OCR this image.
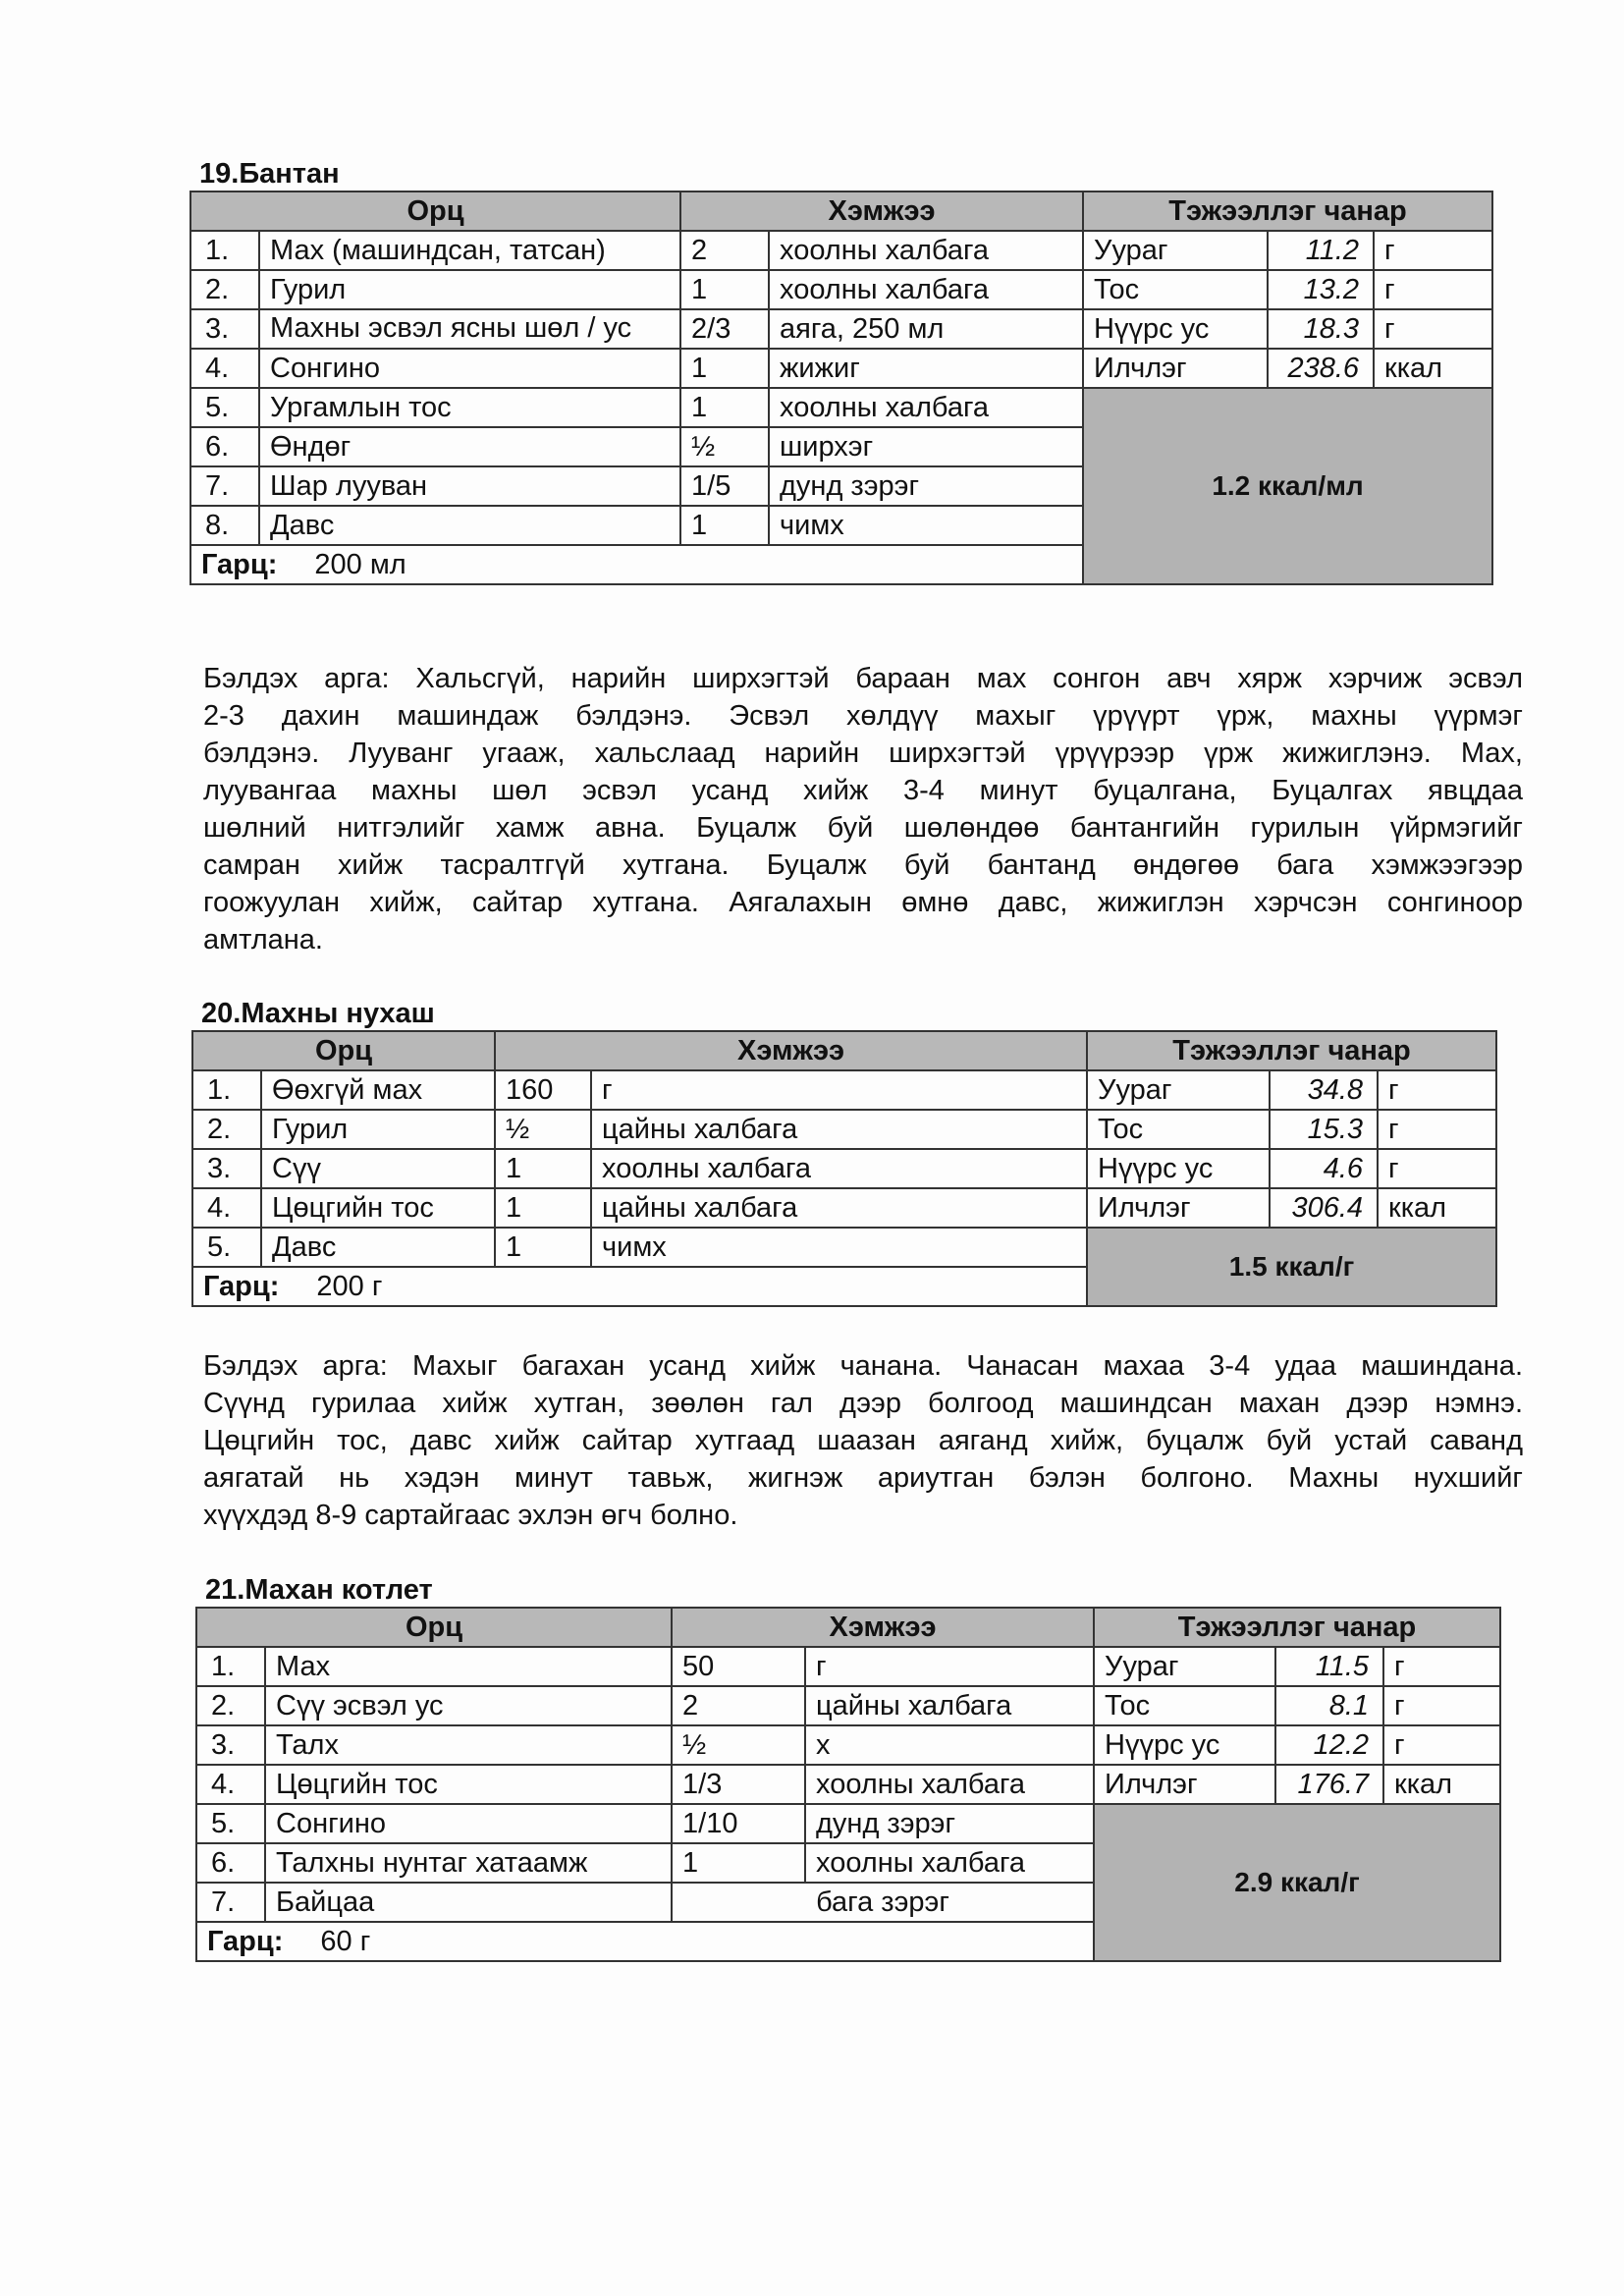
19.Бантан
Орц		Хэмжээ		Тэжээллэг чанар		
1.	Мах (машиндсан, татсан)	2	хоолны халбага	Уураг	11.2	г
2.	Гурил	1	хоолны халбага	Тос	13.2	г
3.	Махны эсвэл ясны шөл / ус	2/3	аяга, 250 мл	Нүүрс ус	18.3	г
4.	Сонгино	1	жижиг	Илчлэг	238.6	ккал
5.	Ургамлын тос	1	хоолны халбага	1.2 ккал/мл		
6.	Өндөг	½	ширхэг			
7.	Шар лууван	1/5	дунд зэрэг			
8.	Давс	1	чимх			
Гарц: 200 мл						
Бэлдэх арга: Хальсгүй, нарийн ширхэгтэй бараан мах сонгон авч хярж хэрчиж эсвэл
2-3 дахин машиндаж бэлдэнэ. Эсвэл хөлдүү махыг үрүүрт үрж, махны үүрмэг
бэлдэнэ. Лууванг угааж, хальслаад нарийн ширхэгтэй үрүүрээр үрж жижиглэнэ. Мах,
луувангаа махны шөл эсвэл усанд хийж 3-4 минут буцалгана, Буцалгах явцдаа
шөлний нитгэлийг хамж авна. Буцалж буй шөлөндөө бантангийн гурилын үйрмэгийг
самран хийж тасралтгүй хутгана. Буцалж буй бантанд өндөгөө бага хэмжээгээр
гоожуулан хийж, сайтар хутгана. Аягалахын өмнө давс, жижиглэн хэрчсэн сонгиноор
амтлана.
20.Махны нухаш
Орц		Хэмжээ		Тэжээллэг чанар		
1.	Өөхгүй мах	160	г	Уураг	34.8	г
2.	Гурил	½	цайны халбага	Тос	15.3	г
3.	Сүү	1	хоолны халбага	Нүүрс ус	4.6	г
4.	Цөцгийн тос	1	цайны халбага	Илчлэг	306.4	ккал
5.	Давс	1	чимх	1.5 ккал/г		
Гарц: 200 г						
Бэлдэх арга: Махыг багахан усанд хийж чанана. Чанасан махаа 3-4 удаа машиндана.
Сүүнд гурилаа хийж хутган, зөөлөн гал дээр болгоод машиндсан махан дээр нэмнэ.
Цөцгийн тос, давс хийж сайтар хутгаад шаазан аяганд хийж, буцалж буй устай саванд
аягатай нь хэдэн минут тавьж, жигнэж ариутган бэлэн болгоно. Махны нухшийг
хүүхдэд 8-9 сартайгаас эхлэн өгч болно.
21.Махан котлет
Орц		Хэмжээ		Тэжээллэг чанар		
1.	Мах	50	г	Уураг	11.5	г
2.	Сүү эсвэл ус	2	цайны халбага	Тос	8.1	г
3.	Талх	½	х	Нүүрс ус	12.2	г
4.	Цөцгийн тос	1/3	хоолны халбага	Илчлэг	176.7	ккал
5.	Сонгино	1/10	дунд зэрэг	2.9 ккал/г		
6.	Талхны нунтаг хатаамж	1	хоолны халбага			
7.	Байцаа	бага зэрэг				
Гарц: 60 г						
